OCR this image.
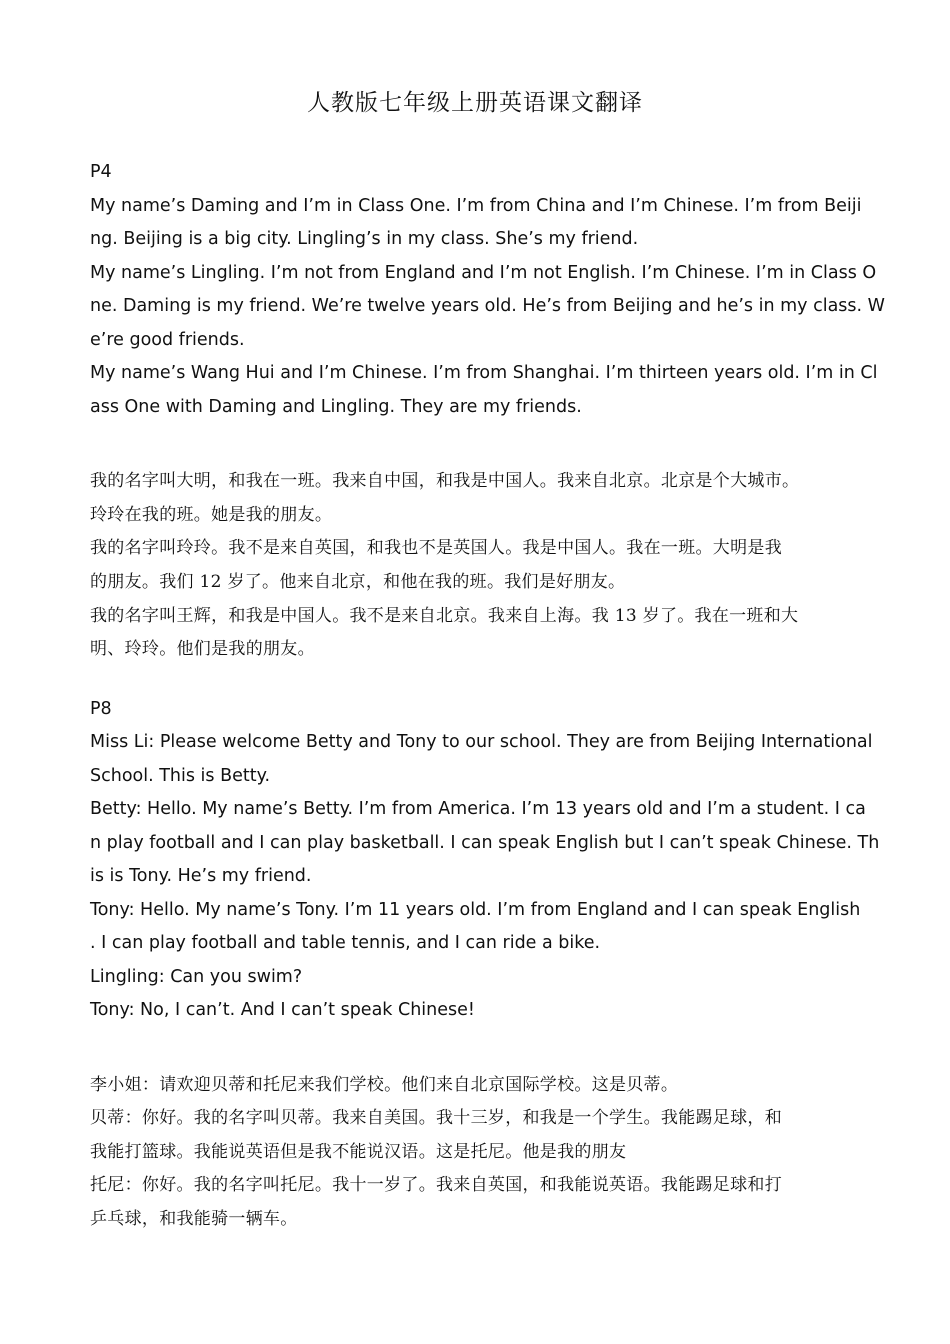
人教版七年级上册英语课文翻译
P4
My name’s Daming and I’m in Class One. I’m from China and I’m Chinese. I’m from Beiji
ng. Beijing is a big city. Lingling’s in my class. She’s my friend.
My name’s Lingling. I’m not from England and I’m not English. I’m Chinese. I’m in Class O
ne. Daming is my friend. We’re twelve years old. He’s from Beijing and he’s in my class. W
e’re good friends.
My name’s Wang Hui and I’m Chinese. I’m from Shanghai. I’m thirteen years old. I’m in Cl
ass One with Daming and Lingling. They are my friends.
我的名字叫大明，和我在一班。我来自中国，和我是中国人。我来自北京。北京是个大城市。
玲玲在我的班。她是我的朋友。
我的名字叫玲玲。我不是来自英国，和我也不是英国人。我是中国人。我在一班。大明是我
的朋友。我们 12 岁了。他来自北京，和他在我的班。我们是好朋友。
我的名字叫王辉，和我是中国人。我不是来自北京。我来自上海。我 13 岁了。我在一班和大
明、玲玲。他们是我的朋友。
P8
Miss Li: Please welcome Betty and Tony to our school. They are from Beijing International
School. This is Betty.
Betty: Hello. My name’s Betty. I’m from America. I’m 13 years old and I’m a student. I ca
n play football and I can play basketball. I can speak English but I can’t speak Chinese. Th
is is Tony. He’s my friend.
Tony: Hello. My name’s Tony. I’m 11 years old. I’m from England and I can speak English
. I can play football and table tennis, and I can ride a bike.
Lingling: Can you swim?
Tony: No, I can’t. And I can’t speak Chinese!
李小姐：请欢迎贝蒂和托尼来我们学校。他们来自北京国际学校。这是贝蒂。
贝蒂：你好。我的名字叫贝蒂。我来自美国。我十三岁，和我是一个学生。我能踢足球，和
我能打篮球。我能说英语但是我不能说汉语。这是托尼。他是我的朋友
托尼：你好。我的名字叫托尼。我十一岁了。我来自英国，和我能说英语。我能踢足球和打
乒乓球，和我能骑一辆车。
